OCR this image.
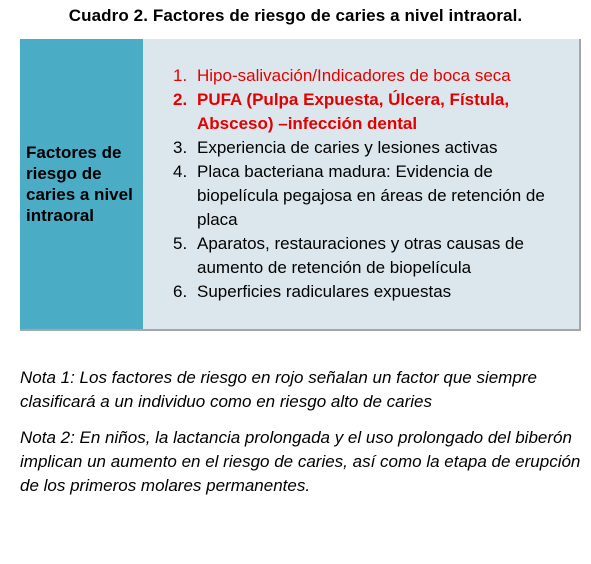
Cuadro 2. Factores de riesgo de caries a nivel intraoral.
Factores de riesgo de caries a nivel intraoral
1. Hipo-salivación/Indicadores de boca seca
2. PUFA (Pulpa Expuesta, Úlcera, Fístula, Absceso) –infección dental
3. Experiencia de caries y lesiones activas
4. Placa bacteriana madura: Evidencia de biopelícula pegajosa en áreas de retención de placa
5. Aparatos, restauraciones y otras causas de aumento de retención de biopelícula
6. Superficies radiculares expuestas

Nota 1: Los factores de riesgo en rojo señalan un factor que siempre clasificará a un individuo como en riesgo alto de caries

Nota 2: En niños, la lactancia prolongada y el uso prolongado del biberón implican un aumento en el riesgo de caries, así como la etapa de erupción de los primeros molares permanentes.
